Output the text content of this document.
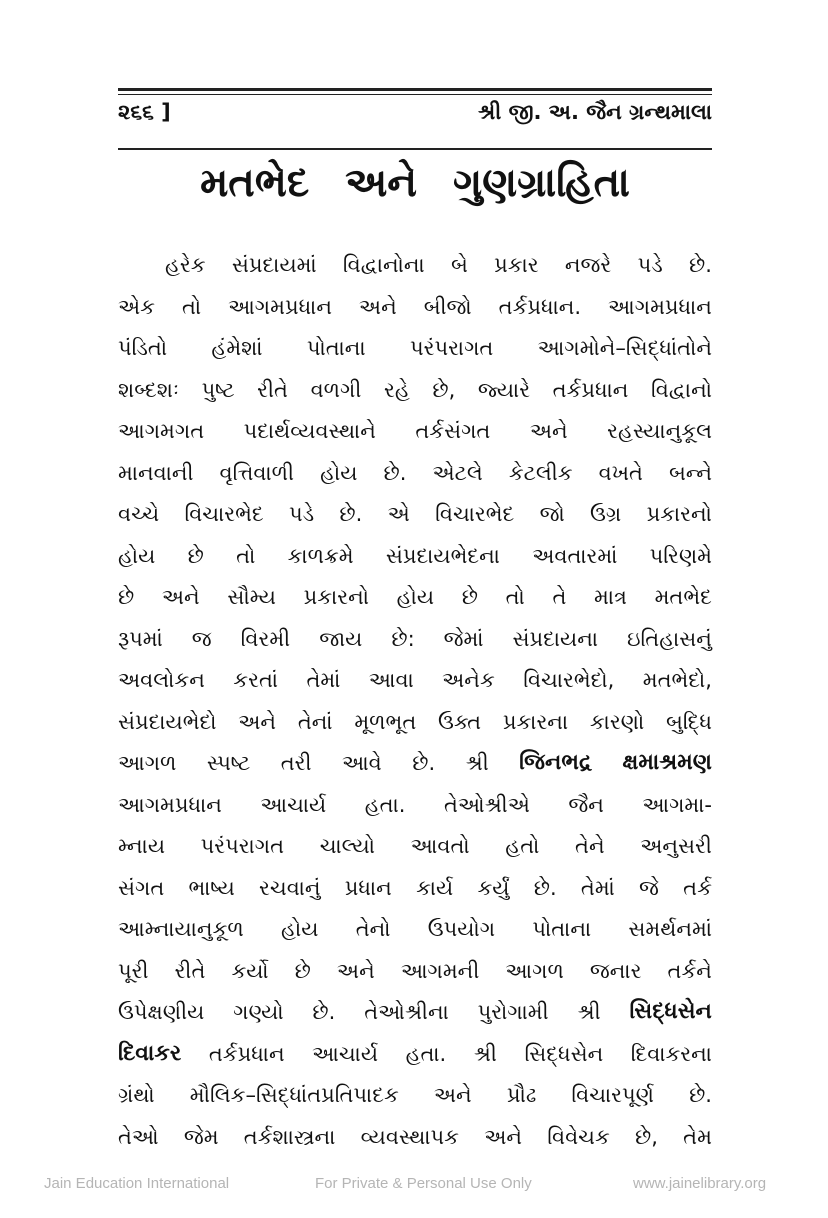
૨૬૬ ]	શ્રી જી. અ. જૈન ગ્રન્થમાલા
મતભેદ અને ગુણગ્રાહિતા
હરેક સંપ્રદાયમાં વિદ્વાનોના બે પ્રકાર નજરે પડે છે.
એક તો આગમપ્રધાન અને બીજો તર્કપ્રધાન. આગમપ્રધાન
પંડિતો હંમેશાં પોતાના પરંપરાગત આગમોને–સિદ્ધાંતોને
શબ્દશઃ પુષ્ટ રીતે વળગી રહે છે, જ્યારે તર્કપ્રધાન વિદ્વાનો
આગમગત પદાર્થવ્યવસ્થાને તર્કસંગત અને રહસ્યાનુકૂલ
માનવાની વૃત્તિવાળી હોય છે. એટલે કેટલીક વખતે બન્ને
વચ્ચે વિચારભેદ પડે છે. એ વિચારભેદ જો ઉગ્ર પ્રકારનો
હોય છે તો કાળક્રમે સંપ્રદાયભેદના અવતારમાં પરિણમે
છે અને સૌમ્ય પ્રકારનો હોય છે તો તે માત્ર મતભેદ
રૂપમાં જ વિરમી જાય છે: જેમાં સંપ્રદાયના ઇતિહાસનું
અવલોકન કરતાં તેમાં આવા અનેક વિચારભેદો, મતભેદો,
સંપ્રદાયભેદો અને તેનાં મૂળભૂત ઉક્ત પ્રકારના કારણો બુદ્ધિ
આગળ સ્પષ્ટ તરી આવે છે. શ્રી જિનભદ્ર ક્ષમાશ્રમણ
આગમપ્રધાન આચાર્ય હતા. તેઓશ્રીએ જૈન આગમા-
મ્નાય પરંપરાગત ચાલ્યો આવતો હતો તેને અનુસરી
સંગત ભાષ્ય રચવાનું પ્રધાન કાર્ય કર્યું છે. તેમાં જે તર્ક
આમ્નાયાનુકૂળ હોય તેનો ઉપયોગ પોતાના સમર્થનમાં
પૂરી રીતે કર્યો છે અને આગમની આગળ જનાર તર્કને
ઉપેક્ષણીય ગણ્યો છે. તેઓશ્રીના પુરોગામી શ્રી સિદ્ધસેન
દિવાકર તર્કપ્રધાન આચાર્ય હતા. શ્રી સિદ્ધસેન દિવાકરના
ગ્રંથો મૌલિક–સિદ્ધાંતપ્રતિપાદક અને પ્રૌઢ વિચારપૂર્ણ છે.
તેઓ જેમ તર્કશાસ્ત્રના વ્યવસ્થાપક અને વિવેચક છે, તેમ
Jain Education International	For Private & Personal Use Only	www.jainelibrary.org
